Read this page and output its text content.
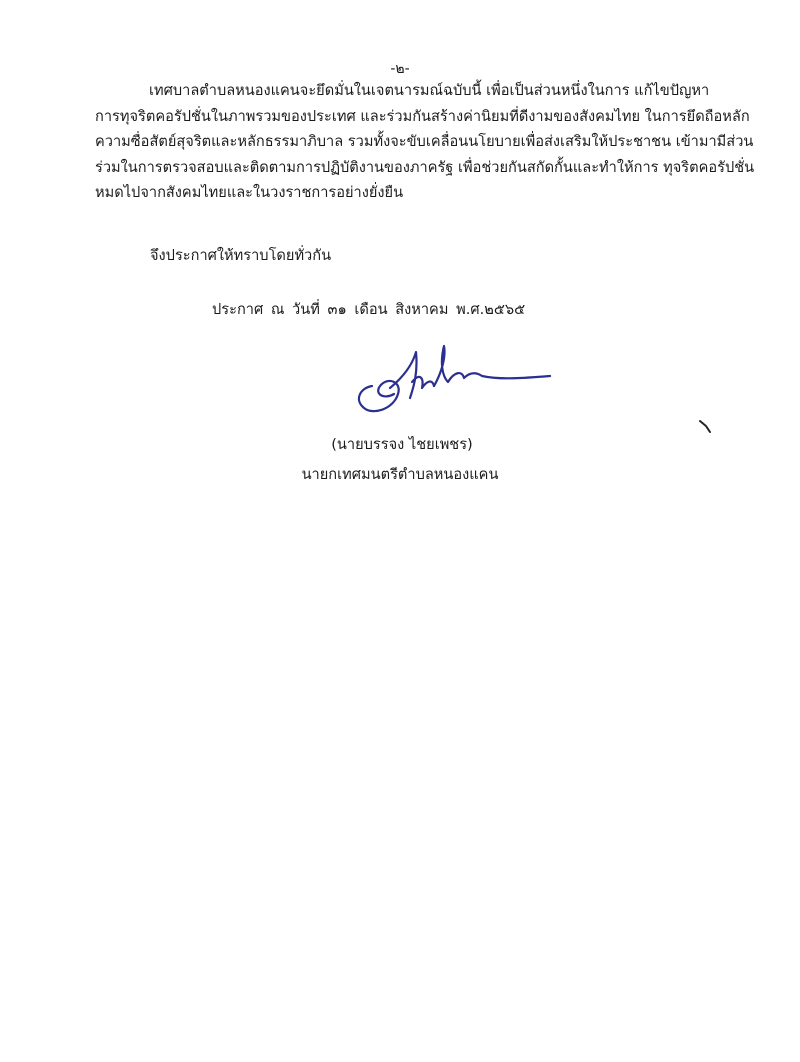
-๒-
เทศบาลตำบลหนองแคนจะยึดมั่นในเจตนารมณ์ฉบับนี้ เพื่อเป็นส่วนหนึ่งในการ แก้ไขปัญหา
การทุจริตคอรัปชั่นในภาพรวมของประเทศ และร่วมกันสร้างค่านิยมที่ดีงามของสังคมไทย ในการยึดถือหลัก
ความซื่อสัตย์สุจริตและหลักธรรมาภิบาล รวมทั้งจะขับเคลื่อนนโยบายเพื่อส่งเสริมให้ประชาชน เข้ามามีส่วน
ร่วมในการตรวจสอบและติดตามการปฏิบัติงานของภาครัฐ เพื่อช่วยกันสกัดกั้นและทำให้การ ทุจริตคอรัปชั่น
หมดไปจากสังคมไทยและในวงราชการอย่างยั่งยืน
จึงประกาศให้ทราบโดยทั่วกัน
ประกาศ ณ วันที่ ๓๑ เดือน สิงหาคม พ.ศ.๒๕๖๕
(นายบรรจง ไชยเพชร)
นายกเทศมนตรีตำบลหนองแคน
